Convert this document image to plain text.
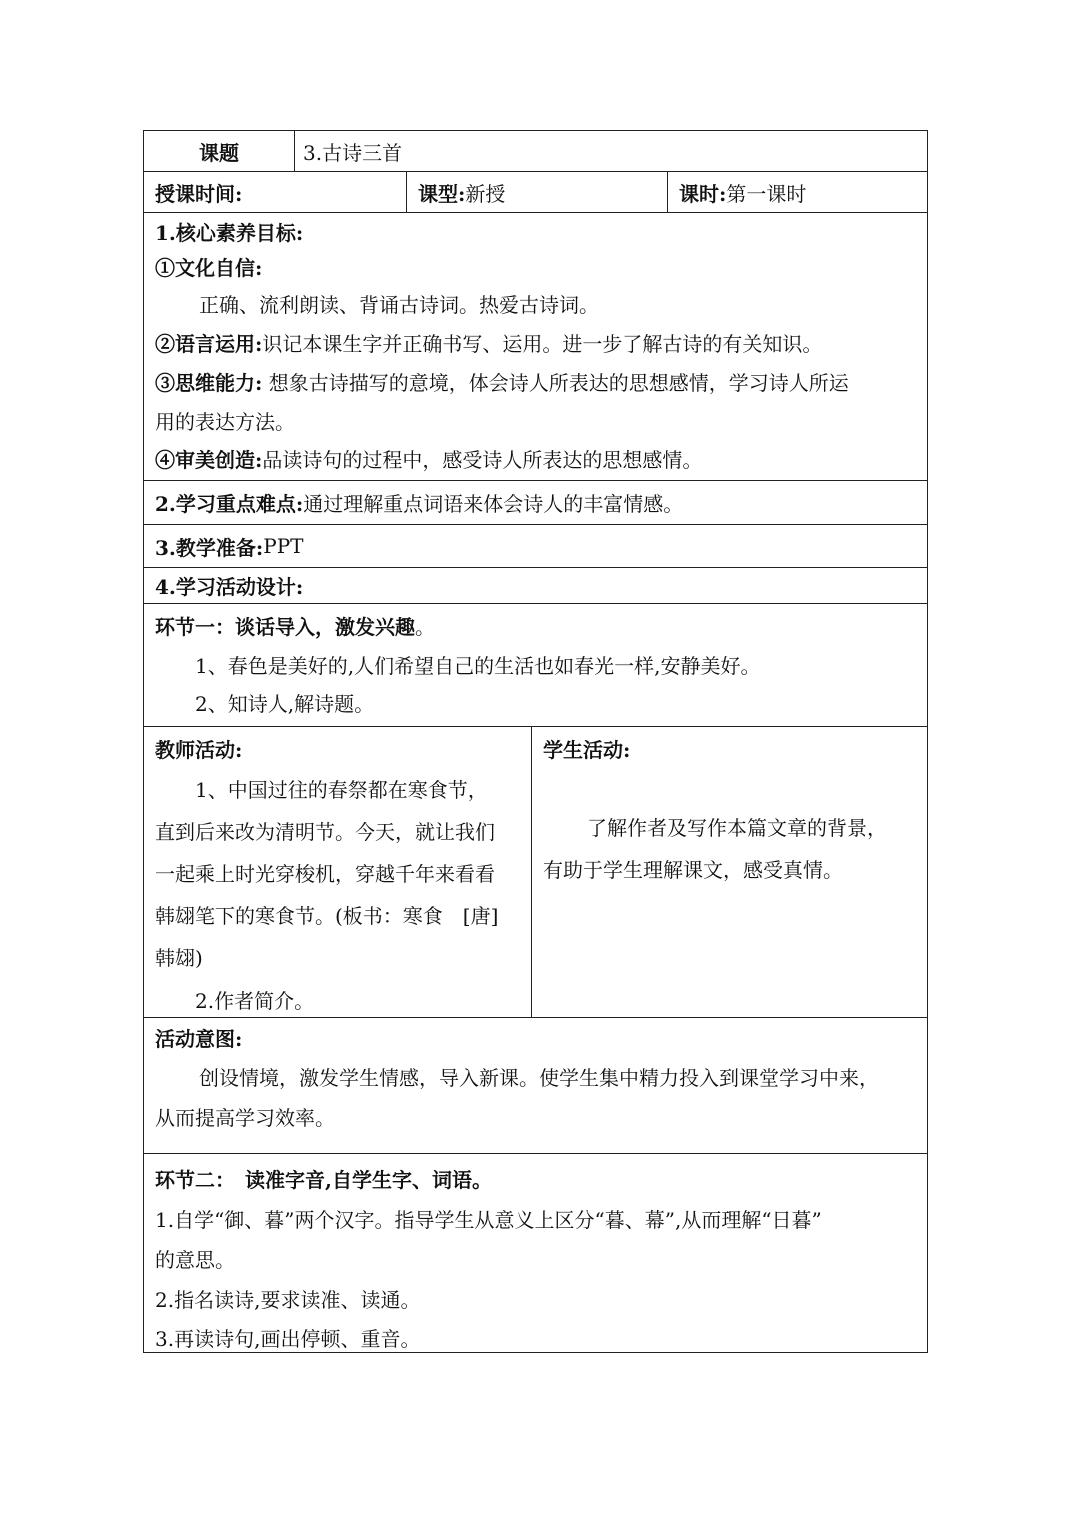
课题	3.古诗三首
授课时间:	课型: 新授	课时: 第一课时
1.核心素养目标:
①文化自信:
正确、流利朗读、背诵古诗词。热爱古诗词。
②语言运用:识记本课生字并正确书写、运用。进一步了解古诗的有关知识。
③思维能力: 想象古诗描写的意境，体会诗人所表达的思想感情，学习诗人所运
用的表达方法。
④审美创造:品读诗句的过程中，感受诗人所表达的思想感情。
2.学习重点难点: 通过理解重点词语来体会诗人的丰富情感。
3.教学准备: PPT
4.学习活动设计:
环节一：谈话导入，激发兴趣。
1、春色是美好的,人们希望自己的生活也如春光一样,安静美好。
2、知诗人,解诗题。
教师活动:
1、中国过往的春祭都在寒食节，
直到后来改为清明节。今天，就让我们
一起乘上时光穿梭机，穿越千年来看看
韩翃笔下的寒食节。(板书：寒食　[唐]
韩翃)
2.作者简介。
学生活动:
了解作者及写作本篇文章的背景，
有助于学生理解课文，感受真情。
活动意图:
创设情境，激发学生情感，导入新课。使学生集中精力投入到课堂学习中来，
从而提高学习效率。
环节二：　读准字音,自学生字、词语。
1.自学“御、暮”两个汉字。指导学生从意义上区分“暮、幕”,从而理解“日暮”
的意思。
2.指名读诗,要求读准、读通。
3.再读诗句,画出停顿、重音。
